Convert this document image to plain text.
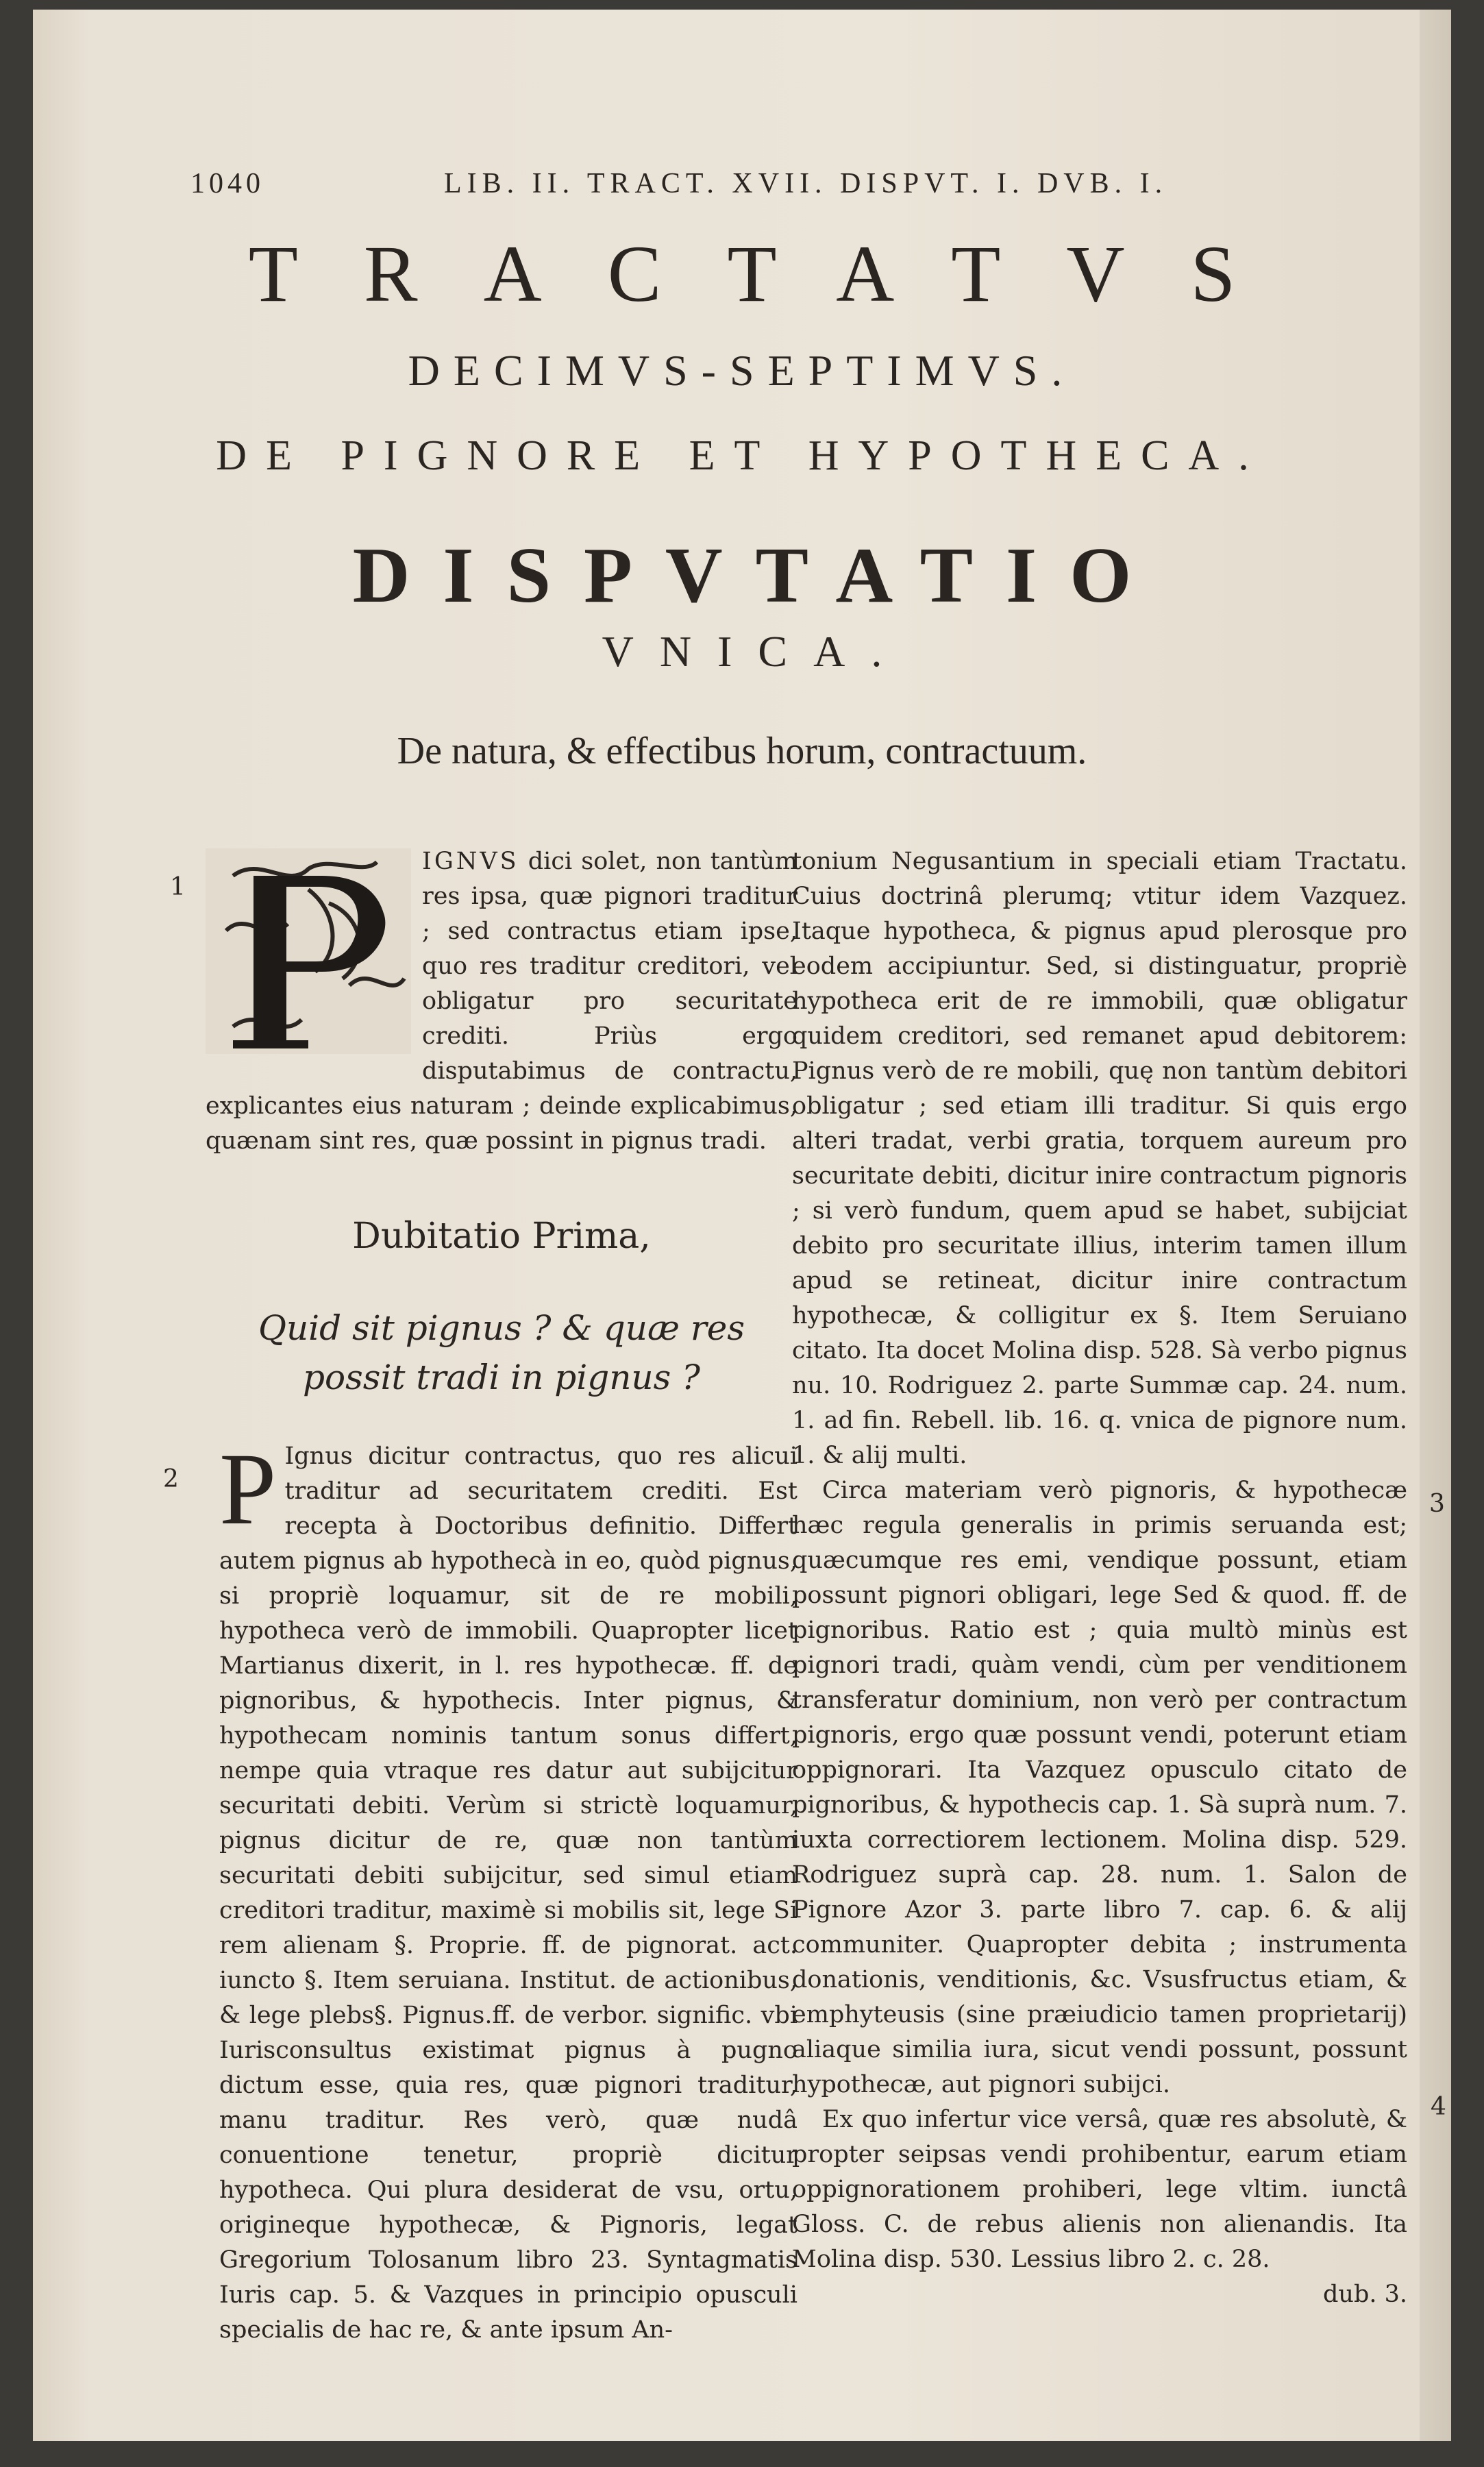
1040	LIB. II. TRACT. XVII. DISPVT. I. DVB. I.
TRACTATVS
DECIMVS-SEPTIMVS.
DE PIGNORE ET HYPOTHECA.
DISPVTATIO
VNICA.
De natura, & effectibus horum, contractuum.
1
2
3
4

IGNVS dici solet, non tantùm res ipsa, quæ pignori traditur ; sed contractus etiam ipse, quo res traditur creditori, vel obligatur pro securitate crediti. Priùs ergo disputabimus de contractu, explicantes eius naturam ; deinde explicabimus, quænam sint res, quæ possint in pignus tradi.

Dubitatio Prima,
Quid sit pignus ? & quæ res possit tradi in pignus ?
P Ignus dicitur contractus, quo res alicui traditur ad securitatem crediti. Est recepta à Doctoribus definitio. Differt autem pignus ab hypothecà in eo, quòd pignus, si propriè loquamur, sit de re mobili, hypotheca verò de immobili. Quapropter licet Martianus dixerit, in l. res hypothecæ. ff. de pignoribus, & hypothecis. Inter pignus, & hypothecam nominis tantum sonus differt, nempe quia vtraque res datur aut subijcitur securitati debiti. Verùm si strictè loquamur, pignus dicitur de re, quæ non tantùm securitati debiti subijcitur, sed simul etiam creditori traditur, maximè si mobilis sit, lege Si rem alienam §. Proprie. ff. de pignorat. act. iuncto §. Item seruiana. Institut. de actionibus, & lege plebs§. Pignus.ff. de verbor. signific. vbi Iurisconsultus existimat pignus à pugno dictum esse, quia res, quæ pignori traditur, manu traditur. Res verò, quæ nudâ conuentione tenetur, propriè dicitur hypotheca. Qui plura desiderat de vsu, ortu, origineque hypothecæ, & Pignoris, legat Gregorium Tolosanum libro 23. Syntagmatis Iuris cap. 5. & Vazques in principio opusculi specialis de hac re, & ante ipsum An-

tonium Negusantium in speciali etiam Tractatu. Cuius doctrinâ plerumq; vtitur idem Vazquez. Itaque hypotheca, & pignus apud plerosque pro eodem accipiuntur. Sed, si distinguatur, propriè hypotheca erit de re immobili, quæ obligatur quidem creditori, sed remanet apud debitorem: Pignus verò de re mobili, quę non tantùm debitori obligatur ; sed etiam illi traditur. Si quis ergo alteri tradat, verbi gratia, torquem aureum pro securitate debiti, dicitur inire contractum pignoris ; si verò fundum, quem apud se habet, subijciat debito pro securitate illius, interim tamen illum apud se retineat, dicitur inire contractum hypothecæ, & colligitur ex §. Item Seruiano citato. Ita docet Molina disp. 528. Sà verbo pignus nu. 10. Rodriguez 2. parte Summæ cap. 24. num. 1. ad fin. Rebell. lib. 16. q. vnica de pignore num. 1. & alij multi.

Circa materiam verò pignoris, & hypothecæ hæc regula generalis in primis seruanda est; quæcumque res emi, vendique possunt, etiam possunt pignori obligari, lege Sed & quod. ff. de pignoribus. Ratio est ; quia multò minùs est pignori tradi, quàm vendi, cùm per venditionem transferatur dominium, non verò per contractum pignoris, ergo quæ possunt vendi, poterunt etiam oppignorari. Ita Vazquez opusculo citato de pignoribus, & hypothecis cap. 1. Sà suprà num. 7. iuxta correctiorem lectionem. Molina disp. 529. Rodriguez suprà cap. 28. num. 1. Salon de Pignore Azor 3. parte libro 7. cap. 6. & alij communiter. Quapropter debita ; instrumenta donationis, venditionis, &c. Vsusfructus etiam, & emphyteusis (sine præiudicio tamen proprietarij) aliaque similia iura, sicut vendi possunt, possunt hypothecæ, aut pignori subijci.

Ex quo infertur vice versâ, quæ res absolutè, & propter seipsas vendi prohibentur, earum etiam oppignorationem prohiberi, lege vltim. iunctâ Gloss. C. de rebus alienis non alienandis. Ita Molina disp. 530. Lessius libro 2. c. 28.

dub. 3.
